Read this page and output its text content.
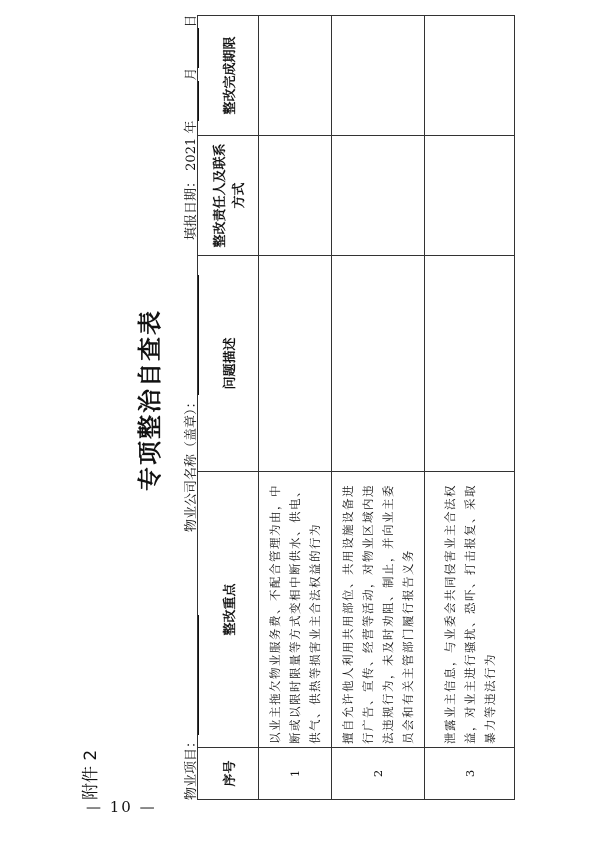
— 10 —
附件 2
专项整治自查表
物业项目：
物业公司名称（盖章）：
填报日期： 2021 年月日
序号	整改重点	问题描述	整改责任人及联系方式	整改完成期限
1	以业主拖欠物业服务费、不配合管理为由，中断或以限时限量等方式变相中断供水、供电、供气、供热等损害业主合法权益的行为			
2	擅自允许他人利用共用部位、共用设施设备进行广告、宣传、经营等活动，对物业区域内违法违规行为，未及时劝阻、制止，并向业主委员会和有关主管部门履行报告义务			
3	泄露业主信息，与业委会共同侵害业主合法权益，对业主进行骚扰、恐吓、打击报复、采取暴力等违法行为			
